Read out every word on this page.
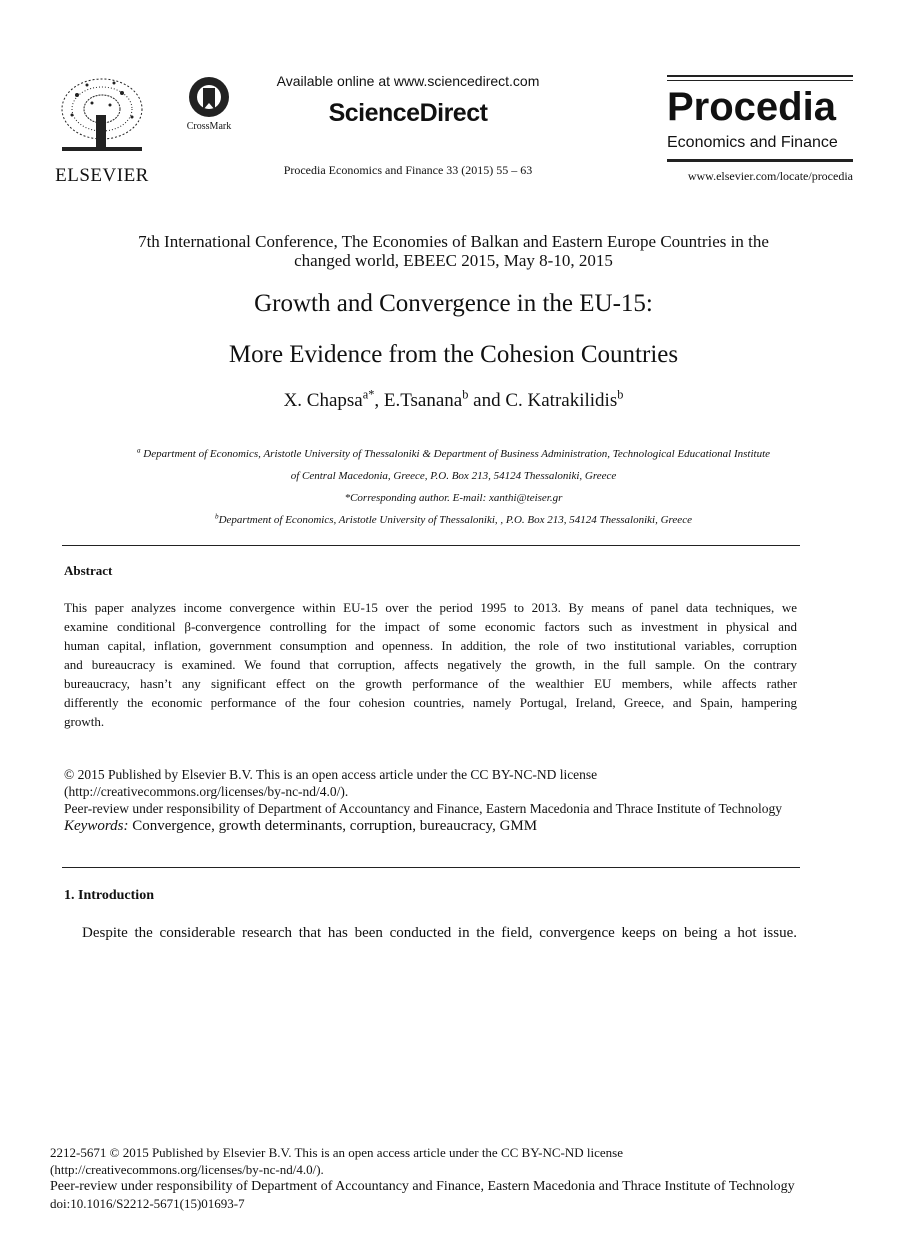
ELSEVIER
CrossMark
Available online at www.sciencedirect.com
ScienceDirect
Procedia Economics and Finance 33 (2015) 55 – 63
Procedia
Economics and Finance
www.elsevier.com/locate/procedia
7th International Conference, The Economies of Balkan and Eastern Europe Countries in the
changed world, EBEEC 2015, May 8-10, 2015
Growth and Convergence in the EU-15:
More Evidence from the Cohesion Countries
X. Chapsa$^{a*}$, E.Tsanana$^b$ and C. Katrakilidis$^b$
$^a$ Department of Economics, Aristotle University of Thessaloniki & Department of Business Administration, Technological Educational Institute
of Central Macedonia, Greece, P.O. Box 213, 54124 Thessaloniki, Greece
*Corresponding author. E-mail: xanthi@teiser.gr
$^b$Department of Economics, Aristotle University of Thessaloniki, , P.O. Box 213, 54124 Thessaloniki, Greece
Abstract
This paper analyzes income convergence within EU-15 over the period 1995 to 2013. By means of panel data techniques, we
examine conditional β-convergence controlling for the impact of some economic factors such as investment in physical and
human capital, inflation, government consumption and openness. In addition, the role of two institutional variables, corruption
and bureaucracy is examined. We found that corruption, affects negatively the growth, in the full sample. On the contrary
bureaucracy, hasn’t any significant effect on the growth performance of the wealthier EU members, while affects rather
differently the economic performance of the four cohesion countries, namely Portugal, Ireland, Greece, and Spain, hampering
growth.
© 2015 Published by Elsevier B.V. This is an open access article under the CC BY-NC-ND license
(http://creativecommons.org/licenses/by-nc-nd/4.0/).
Peer-review under responsibility of Department of Accountancy and Finance, Eastern Macedonia and Thrace Institute of Technology
Keywords: Convergence, growth determinants, corruption, bureaucracy, GMM
1. Introduction
Despite the considerable research that has been conducted in the field, convergence keeps on being a hot issue.
2212-5671 © 2015 Published by Elsevier B.V. This is an open access article under the CC BY-NC-ND license
(http://creativecommons.org/licenses/by-nc-nd/4.0/).
Peer-review under responsibility of Department of Accountancy and Finance, Eastern Macedonia and Thrace Institute of Technology
doi:10.1016/S2212-5671(15)01693-7
